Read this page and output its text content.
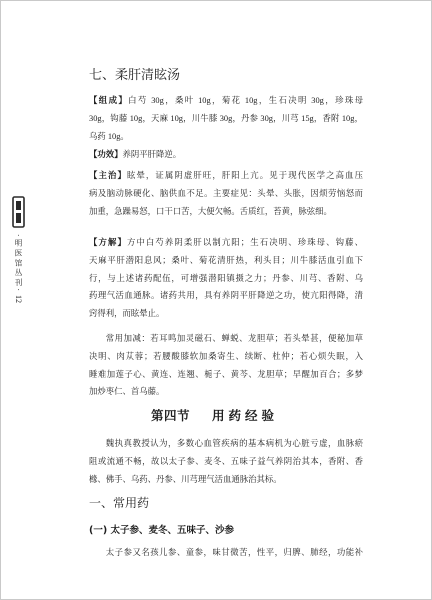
·明医馆丛刊·
12
七、柔肝清眩汤
【组成】白芍 30g，桑叶 10g，菊花 10g，生石决明 30g，珍珠母
30g，钩藤 10g，天麻 10g，川牛膝 30g，丹参 30g，川芎 15g，香附 10g，
乌药 10g。
【功效】养阴平肝降逆。
【主治】眩晕，证属阴虚肝旺，肝阳上亢。见于现代医学之高血压
病及脑动脉硬化、脑供血不足。主要症见：头晕、头胀，因烦劳恼怒而
加重，急躁易怒，口干口苦，大便欠畅。舌质红，苔黄，脉弦细。
【方解】方中白芍养阴柔肝以制亢阳；生石决明、珍珠母、钩藤、
天麻平肝潜阳息风；桑叶、菊花清肝热，利头目；川牛膝活血引血下
行，与上述诸药配伍，可增强潜阳镇摄之力；丹参、川芎、香附、乌
药理气活血通脉。诸药共用，具有养阴平肝降逆之功，使亢阳得降，清
窍得利，而眩晕止。
常用加减：若耳鸣加灵磁石、蝉蜕、龙胆草；若头晕甚，便秘加草
决明、肉苁蓉；若腰酸膝软加桑寄生、续断、杜仲；若心烦失眠，入
睡难加莲子心、黄连、连翘、栀子、黄芩、龙胆草；早醒加百合；多梦
加炒枣仁、首乌藤。
第四节 用药经验
魏执真教授认为，多数心血管疾病的基本病机为心脏亏虚，血脉瘀
阻或流通不畅，故以太子参、麦冬、五味子益气养阴治其本，香附、香
橼、佛手、乌药、丹参、川芎理气活血通脉治其标。
一、常用药
(一) 太子参、麦冬、五味子、沙参
太子参又名孩儿参、童参，味甘微苦，性平，归脾、肺经，功能补
